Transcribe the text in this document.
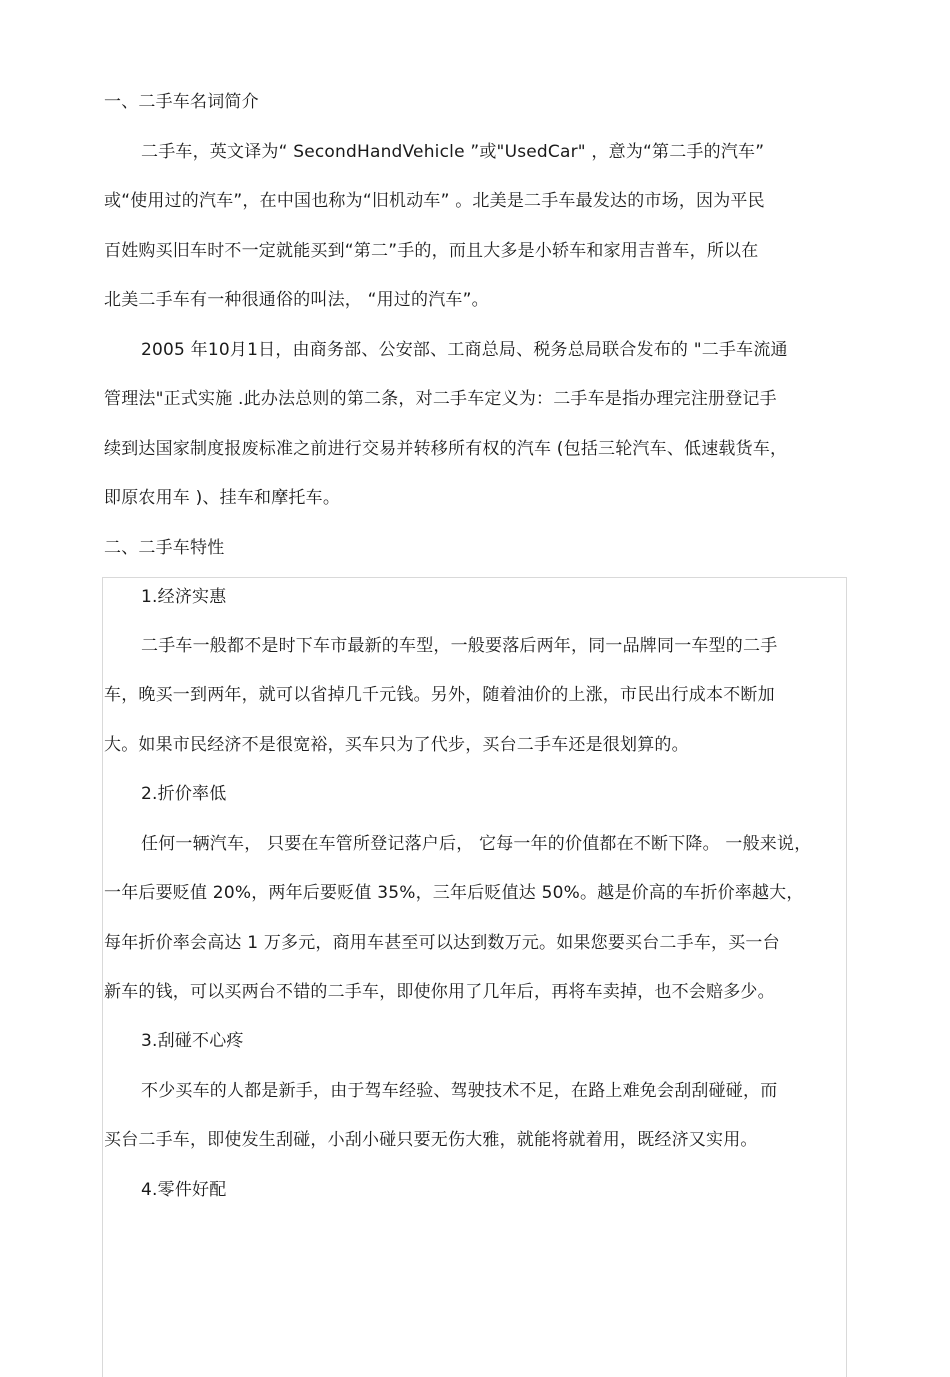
一、二手车名词简介
二手车，英文译为“ SecondHandVehicle ”或"UsedCar" ，意为“第二手的汽车”
或“使用过的汽车”，在中国也称为“旧机动车” 。北美是二手车最发达的市场，因为平民
百姓购买旧车时不一定就能买到“第二”手的，而且大多是小轿车和家用吉普车，所以在
北美二手车有一种很通俗的叫法， “用过的汽车”。
2005 年10月1日，由商务部、公安部、工商总局、税务总局联合发布的 "二手车流通
管理法"正式实施 .此办法总则的第二条，对二手车定义为：二手车是指办理完注册登记手
续到达国家制度报废标准之前进行交易并转移所有权的汽车 (包括三轮汽车、低速载货车，
即原农用车 )、挂车和摩托车。
二、二手车特性
1.经济实惠
二手车一般都不是时下车市最新的车型，一般要落后两年，同一品牌同一车型的二手
车，晚买一到两年，就可以省掉几千元钱。另外，随着油价的上涨，市民出行成本不断加
大。如果市民经济不是很宽裕，买车只为了代步，买台二手车还是很划算的。
2.折价率低
任何一辆汽车， 只要在车管所登记落户后， 它每一年的价值都在不断下降。 一般来说，
一年后要贬值 20%，两年后要贬值 35%，三年后贬值达 50%。越是价高的车折价率越大，
每年折价率会高达 1 万多元，商用车甚至可以达到数万元。如果您要买台二手车，买一台
新车的钱，可以买两台不错的二手车，即使你用了几年后，再将车卖掉，也不会赔多少。
3.刮碰不心疼
不少买车的人都是新手，由于驾车经验、驾驶技术不足，在路上难免会刮刮碰碰，而
买台二手车，即使发生刮碰，小刮小碰只要无伤大雅，就能将就着用，既经济又实用。
4.零件好配
